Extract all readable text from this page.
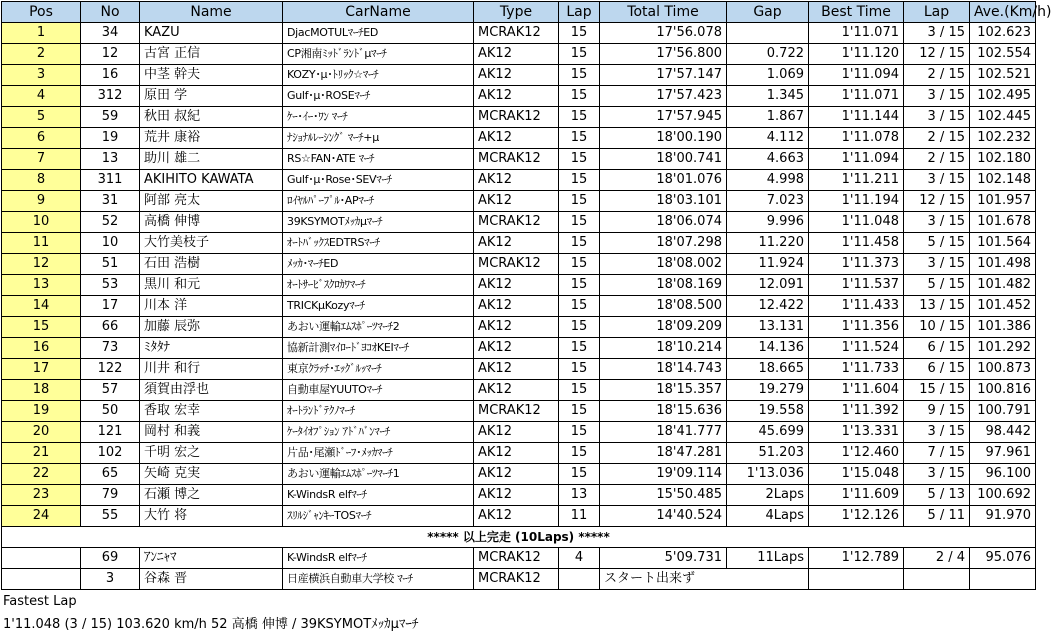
Pos	No	Name	CarName	Type	Lap	Total Time	Gap	Best Time	Lap	Ave.(Km/h)
1	34	KAZU	DjacMOTULﾏｰﾁED	MCRAK12	15	17'56.078		1'11.071	3 / 15	102.623
2	12	古宮 正信	CP湘南ﾐｯﾄﾞﾗﾝﾄﾞμﾏｰﾁ	AK12	15	17'56.800	0.722	1'11.120	12 / 15	102.554
3	16	中茎 幹夫	KOZY･μ･ﾄﾘｯｸ☆ﾏｰﾁ	AK12	15	17'57.147	1.069	1'11.094	2 / 15	102.521
4	312	原田 学	Gulf･μ･ROSEﾏｰﾁ	AK12	15	17'57.423	1.345	1'11.071	3 / 15	102.495
5	59	秋田 叔紀	ｹｰ･ｲｰ･ﾜﾝ ﾏｰﾁ	MCRAK12	15	17'57.945	1.867	1'11.144	3 / 15	102.445
6	19	荒井 康裕	ﾅｼｮﾅﾙﾚｰｼﾝｸﾞ ﾏｰﾁ+μ	AK12	15	18'00.190	4.112	1'11.078	2 / 15	102.232
7	13	助川 雄二	RS☆FAN･ATE ﾏｰﾁ	MCRAK12	15	18'00.741	4.663	1'11.094	2 / 15	102.180
8	311	AKIHITO KAWATA	Gulf･μ･Rose･SEVﾏｰﾁ	AK12	15	18'01.076	4.998	1'11.211	3 / 15	102.148
9	31	阿部 亮太	ﾛｲﾔﾙﾊﾟｰﾌﾟﾙ･APﾏｰﾁ	AK12	15	18'03.101	7.023	1'11.194	12 / 15	101.957
10	52	高橋 伸博	39KSYMOTﾒｯｶμﾏｰﾁ	MCRAK12	15	18'06.074	9.996	1'11.048	3 / 15	101.678
11	10	大竹美枝子	ｵｰﾄﾊﾞｯｸｽEDTRSﾏｰﾁ	AK12	15	18'07.298	11.220	1'11.458	5 / 15	101.564
12	51	石田 浩樹	ﾒｯｶ･ﾏｰﾁED	MCRAK12	15	18'08.002	11.924	1'11.373	3 / 15	101.498
13	53	黒川 和元	ｵｰﾄｻｰﾋﾞｽｸﾛｶﾜﾏｰﾁ	AK12	15	18'08.169	12.091	1'11.537	5 / 15	101.482
14	17	川本 洋	TRICKμKozyﾏｰﾁ	AK12	15	18'08.500	12.422	1'11.433	13 / 15	101.452
15	66	加藤 辰弥	あおい運輸ｴﾑｽﾎﾟｰﾂﾏｰﾁ2	AK12	15	18'09.209	13.131	1'11.356	10 / 15	101.386
16	73	ﾐﾀﾀﾅ	協新計測ﾏｲﾛｰﾄﾞﾖｺｵKEIﾏｰﾁ	AK12	15	18'10.214	14.136	1'11.524	6 / 15	101.292
17	122	川井 和行	東京ｸﾗｯﾁ･ｴｯｸﾞﾙｯﾏｰﾁ	AK12	15	18'14.743	18.665	1'11.733	6 / 15	100.873
18	57	須賀由浮也	自動車屋YUUTOﾏｰﾁ	AK12	15	18'15.357	19.279	1'11.604	15 / 15	100.816
19	50	香取 宏幸	ｵｰﾄﾗﾝﾄﾞﾃｸﾉﾏｰﾁ	MCRAK12	15	18'15.636	19.558	1'11.392	9 / 15	100.791
20	121	岡村 和義	ｹｰﾀｲｵﾌﾟｼｮﾝ ｱﾄﾞﾊﾞﾝﾏｰﾁ	AK12	15	18'41.777	45.699	1'13.331	3 / 15	98.442
21	102	千明 宏之	片品･尾瀬ﾄﾞｰﾌ･ﾒｯｶﾏｰﾁ	AK12	15	18'47.281	51.203	1'12.460	7 / 15	97.961
22	65	矢崎 克実	あおい運輸ｴﾑｽﾎﾟｰﾂﾏｰﾁ1	AK12	15	19'09.114	1'13.036	1'15.048	3 / 15	96.100
23	79	石瀬 博之	K-WindsR elfﾏｰﾁ	AK12	13	15'50.485	2Laps	1'11.609	5 / 13	100.692
24	55	大竹 将	ｽﾘﾙｼﾞｬﾝｷｰTOSﾏｰﾁ	AK12	11	14'40.524	4Laps	1'12.126	5 / 11	91.970
***** 以上完走 (10Laps) *****										
	69	ｱﾝﾆｬﾏ	K-WindsR elfﾏｰﾁ	MCRAK12	4	5'09.731	11Laps	1'12.789	2 / 4	95.076
	3	谷森 晋	日産横浜自動車大学校 ﾏｰﾁ	MCRAK12		スタート出来ず				
Fastest Lap
1'11.048 (3 / 15) 103.620 km/h 52 高橋 伸博 / 39KSYMOTﾒｯｶμﾏｰﾁ
